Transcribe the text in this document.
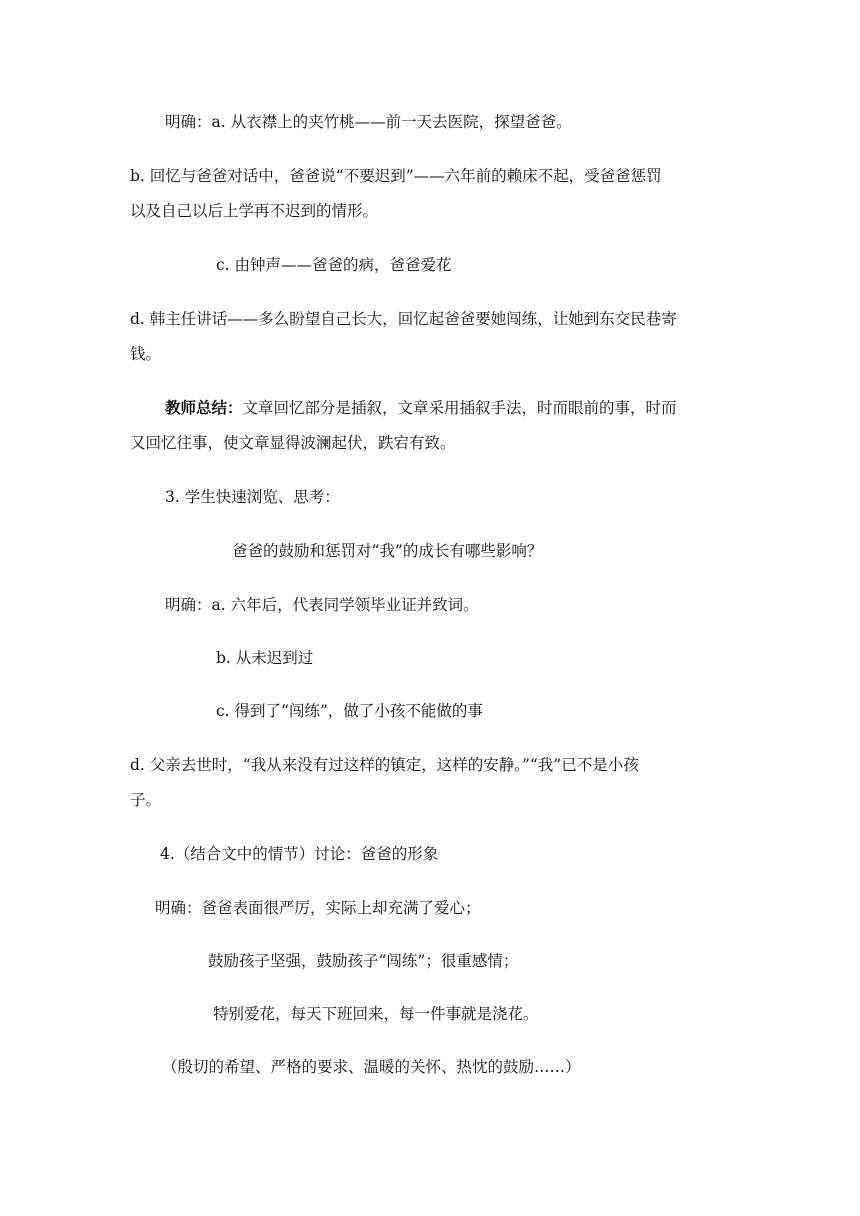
明确：a. 从衣襟上的夹竹桃——前一天去医院，探望爸爸。
b. 回忆与爸爸对话中，爸爸说“不要迟到”——六年前的赖床不起，受爸爸惩罚
以及自己以后上学再不迟到的情形。
c. 由钟声——爸爸的病，爸爸爱花
d. 韩主任讲话——多么盼望自己长大，回忆起爸爸要她闯练，让她到东交民巷寄
钱。
教师总结：文章回忆部分是插叙，文章采用插叙手法，时而眼前的事，时而
又回忆往事，使文章显得波澜起伏，跌宕有致。
3. 学生快速浏览、思考：
爸爸的鼓励和惩罚对“我”的成长有哪些影响？
明确：a. 六年后，代表同学领毕业证并致词。
b. 从未迟到过
c. 得到了“闯练”，做了小孩不能做的事
d. 父亲去世时，“我从来没有过这样的镇定，这样的安静。”“我”已不是小孩
子。
4.（结合文中的情节）讨论：爸爸的形象
明确：爸爸表面很严厉，实际上却充满了爱心；
鼓励孩子坚强，鼓励孩子“闯练”；很重感情；
特别爱花，每天下班回来，每一件事就是浇花。
（殷切的希望、严格的要求、温暖的关怀、热忱的鼓励……）
